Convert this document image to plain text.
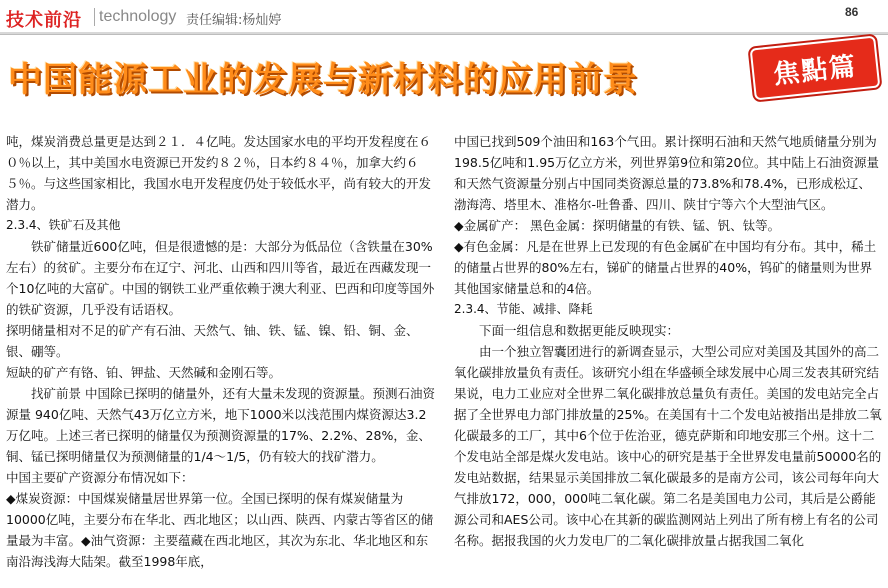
技术前沿	technology 责任编辑:杨灿婷
86
中国能源工业的发展与新材料的应用前景	焦點篇

吨，煤炭消费总量更是达到２１．４亿吨。发达国家水电的平均开发程度在６０％以上，其中美国水电资源已开发约８２％，日本约８４％，加拿大约６５％。与这些国家相比，我国水电开发程度仍处于较低水平，尚有较大的开发潜力。

2.3.4、铁矿石及其他

铁矿储量近600亿吨，但是很遗憾的是：大部分为低品位（含铁量在30%左右）的贫矿。主要分布在辽宁、河北、山西和四川等省，最近在西藏发现一个10亿吨的大富矿。中国的钢铁工业严重依赖于澳大利亚、巴西和印度等国外的铁矿资源，几乎没有话语权。

探明储量相对不足的矿产有石油、天然气、铀、铁、锰、镍、铅、铜、金、银、硼等。

短缺的矿产有铬、铂、钾盐、天然碱和金刚石等。

找矿前景 中国除已探明的储量外，还有大量未发现的资源量。预测石油资源量 940亿吨、天然气43万亿立方米，地下1000米以浅范围内煤资源达3.2万亿吨。上述三者已探明的储量仅为预测资源量的17%、2.2%、28%，金、铜、锰已探明储量仅为预测储量的1/4～1/5，仍有较大的找矿潜力。

中国主要矿产资源分布情况如下：

◆煤炭资源：中国煤炭储量居世界第一位。全国已探明的保有煤炭储量为10000亿吨，主要分布在华北、西北地区；以山西、陕西、内蒙古等省区的储量最为丰富。◆油气资源：主要蕴藏在西北地区，其次为东北、华北地区和东南沿海浅海大陆架。截至1998年底，

中国已找到509个油田和163个气田。累计探明石油和天然气地质储量分别为198.5亿吨和1.95万亿立方米，列世界第9位和第20位。其中陆上石油资源量和天然气资源量分别占中国同类资源总量的73.8%和78.4%，已形成松辽、渤海湾、塔里木、准格尔-吐鲁番、四川、陕甘宁等六个大型油气区。

◆金属矿产： 黑色金属：探明储量的有铁、锰、钒、钛等。

◆有色金属：凡是在世界上已发现的有色金属矿在中国均有分布。其中，稀土的储量占世界的80%左右，锑矿的储量占世界的40%，钨矿的储量则为世界其他国家储量总和的4倍。

2.3.4、节能、减排、降耗

下面一组信息和数据更能反映现实：

由一个独立智囊团进行的新调查显示，大型公司应对美国及其国外的高二氧化碳排放量负有责任。该研究小组在华盛顿全球发展中心周三发表其研究结果说，电力工业应对全世界二氧化碳排放总量负有责任。美国的发电站完全占据了全世界电力部门排放量的25%。在美国有十二个发电站被指出是排放二氧化碳最多的工厂，其中6个位于佐治亚，德克萨斯和印地安那三个州。这十二个发电站全部是煤火发电站。该中心的研究是基于全世界发电量前50000名的发电站数据，结果显示美国排放二氧化碳最多的是南方公司，该公司每年向大气排放172，000，000吨二氧化碳。第二名是美国电力公司，其后是公爵能源公司和AES公司。该中心在其新的碳监测网站上列出了所有榜上有名的公司名称。据报我国的火力发电厂的二氧化碳排放量占据我国二氧化
